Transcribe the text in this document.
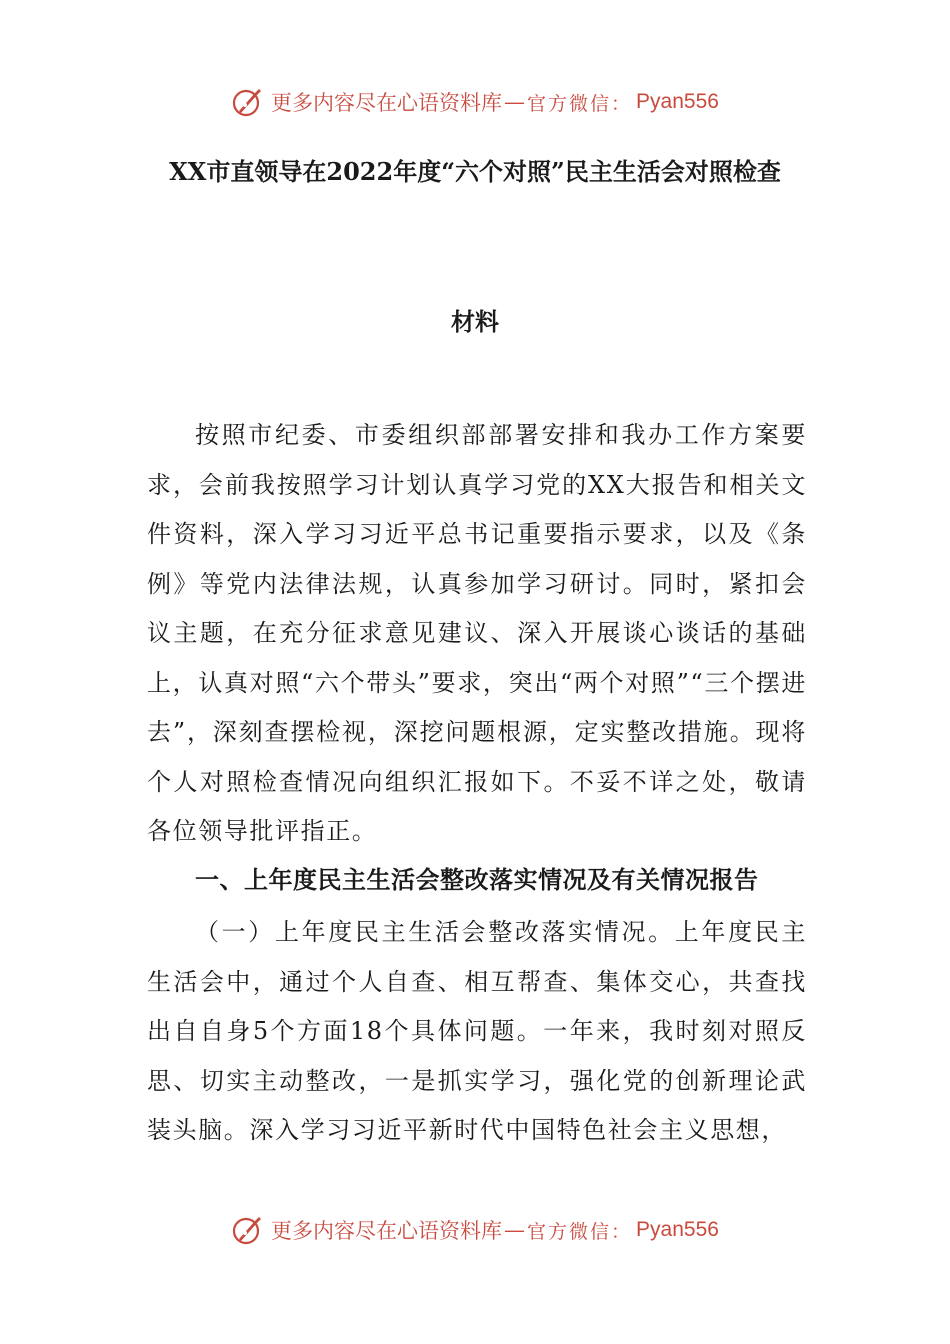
更多内容尽在心语资料库 — 官方微信： Pyan556
XX市直领导在2022年度“六个对照”民主生活会对照检查
材料

按照市纪委、市委组织部部署安排和我办工作方案要求，会前我按照学习计划认真学习党的XX大报告和相关文件资料，深入学习习近平总书记重要指示要求，以及《条例》等党内法律法规，认真参加学习研讨。同时，紧扣会议主题，在充分征求意见建议、深入开展谈心谈话的基础上，认真对照“六个带头”要求，突出“两个对照”“三个摆进去”，深刻查摆检视，深挖问题根源，定实整改措施。现将个人对照检查情况向组织汇报如下。不妥不详之处，敬请各位领导批评指正。

一、上年度民主生活会整改落实情况及有关情况报告

（一）上年度民主生活会整改落实情况。上年度民主生活会中，通过个人自查、相互帮查、集体交心，共查找出自自身5个方面18个具体问题。一年来，我时刻对照反思、切实主动整改，一是抓实学习，强化党的创新理论武装头脑。深入学习习近平新时代中国特色社会主义思想，

更多内容尽在心语资料库 — 官方微信： Pyan556
